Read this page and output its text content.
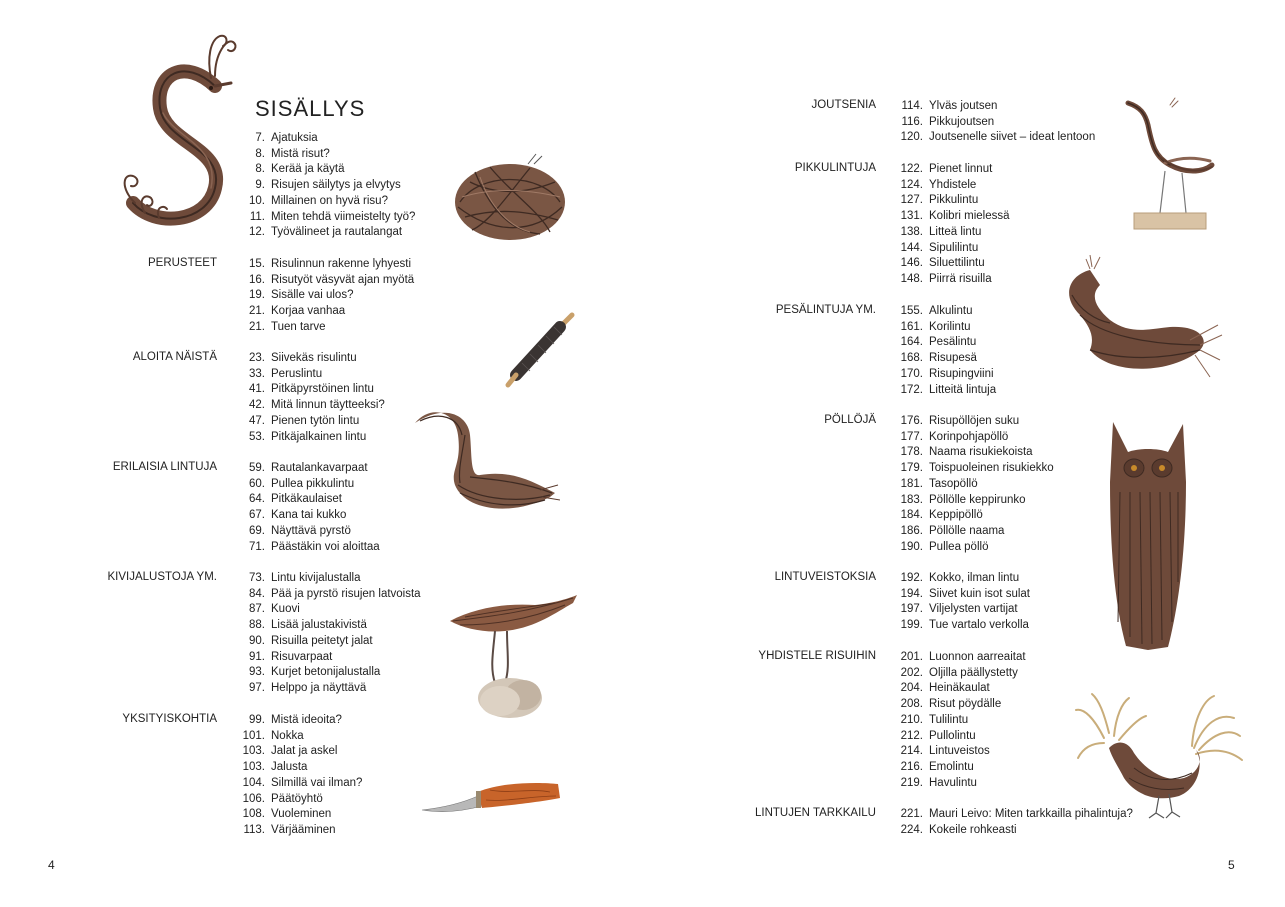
SISÄLLYS
7. Ajatuksia
8. Mistä risut?
8. Kerää ja käytä
9. Risujen säilytys ja elvytys
10. Millainen on hyvä risu?
11. Miten tehdä viimeistelty työ?
12. Työvälineet ja rautalangat
PERUSTEET	15. Risulinnun rakenne lyhyesti
16. Risutyöt väsyvät ajan myötä
19. Sisälle vai ulos?
21. Korjaa vanhaa
21. Tuen tarve
ALOITA NÄISTÄ	23. Siivekäs risulintu
33. Peruslintu
41. Pitkäpyrstöinen lintu
42. Mitä linnun täytteeksi?
47. Pienen tytön lintu
53. Pitkäjalkainen lintu
ERILAISIA LINTUJA	59. Rautalankavarpaat
60. Pullea pikkulintu
64. Pitkäkaulaiset
67. Kana tai kukko
69. Näyttävä pyrstö
71. Päästäkin voi aloittaa
KIVIJALUSTOJA YM.	73. Lintu kivijalustalla
84. Pää ja pyrstö risujen latvoista
87. Kuovi
88. Lisää jalustakivistä
90. Risuilla peitetyt jalat
91. Risuvarpaat
93. Kurjet betonijalustalla
97. Helppo ja näyttävä
YKSITYISKOHTIA	99. Mistä ideoita?
101. Nokka
103. Jalat ja askel
103. Jalusta
104. Silmillä vai ilman?
106. Päätöyhtö
108. Vuoleminen
113. Värjääminen
4
JOUTSENIA	114. Ylväs joutsen
116. Pikkujoutsen
120. Joutsenelle siivet – ideat lentoon
PIKKULINTUJA 122. Pienet linnut
124. Yhdistele
127. Pikkulintu
131. Kolibri mielessä
138. Litteä lintu
144. Sipulilintu
146. Siluettilintu
148. Piirrä risuilla
PESÄLINTUJA YM. 155. Alkulintu
161. Korilintu
164. Pesälintu
168. Risupesä
170. Risupingviini
172. Litteitä lintuja
PÖLLÖJÄ 176. Risupöllöjen suku
177. Korinpohjapöllö
178. Naama risukiekoista
179. Toispuoleinen risukiekko
181. Tasopöllö
183. Pöllölle keppirunko
184. Keppipöllö
186. Pöllölle naama
190. Pullea pöllö
LINTUVEISTOKSIA 192. Kokko, ilman lintu
194. Siivet kuin isot sulat
197. Viljelysten vartijat
199. Tue vartalo verkolla
YHDISTELE RISUIHIN 201. Luonnon aarreaitat
202. Oljilla päällystetty
204. Heinäkaulat
208. Risut pöydälle
210. Tulilintu
212. Pullolintu
214. Lintuveistos
216. Emolintu
219. Havulintu
LINTUJEN TARKKAILU 221. Mauri Leivo: Miten tarkkailla pihalintuja?
224. Kokeile rohkeasti
5
